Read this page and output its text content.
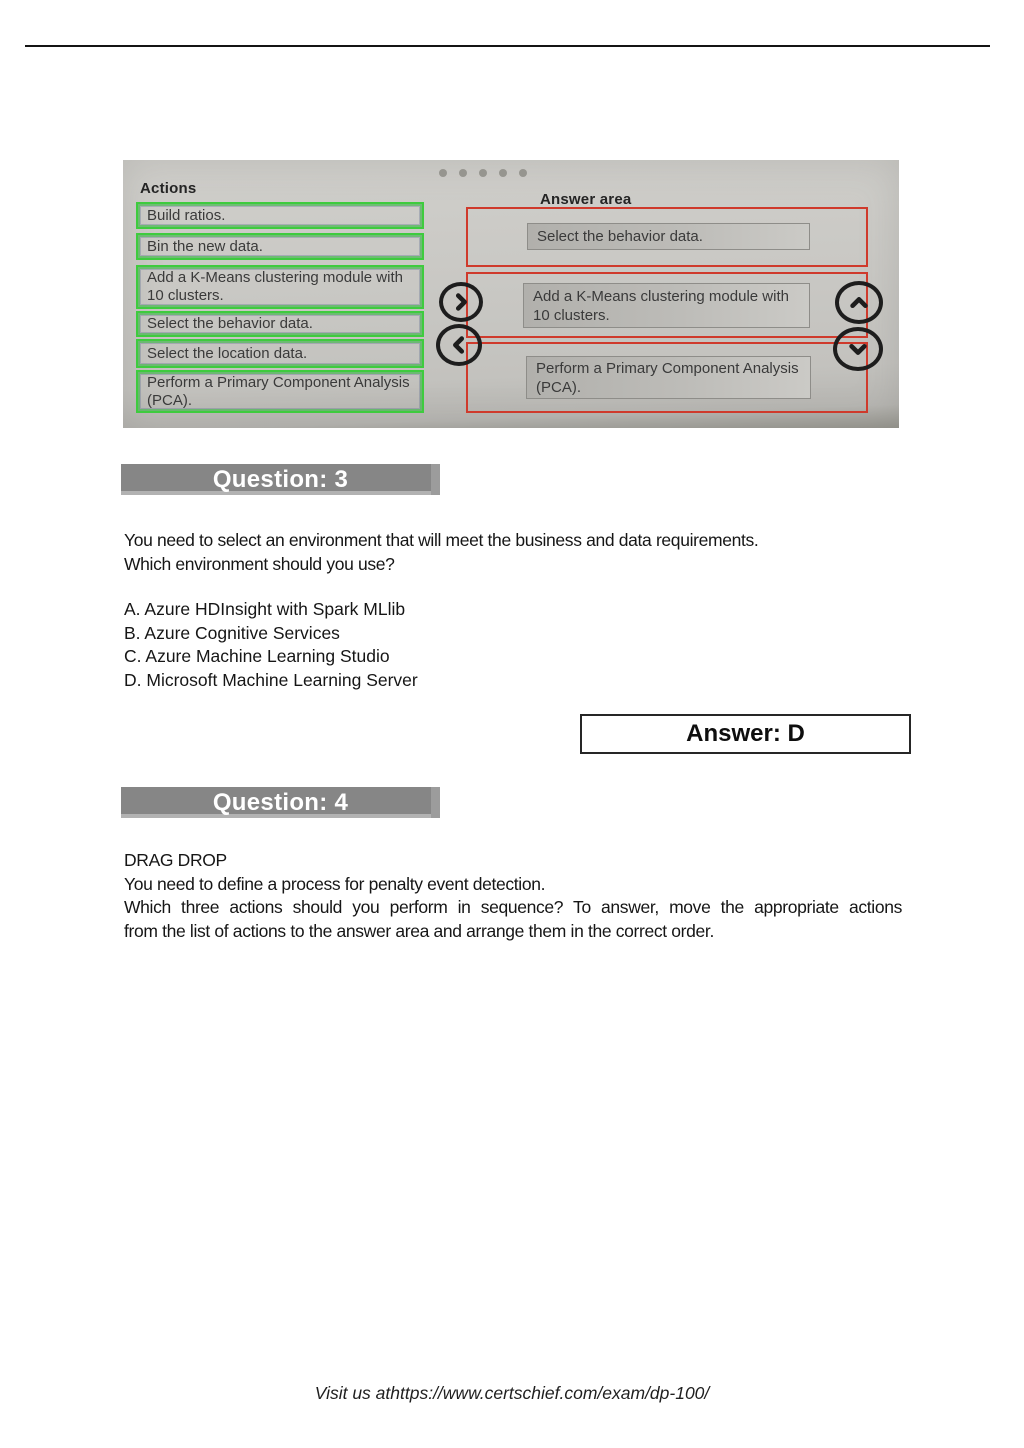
Actions
Answer area
Build ratios.
Bin the new data.
Add a K-Means clustering module with 10 clusters.
Select the behavior data.
Select the location data.
Perform a Primary Component Analysis (PCA).
Select the behavior data.
Add a K-Means clustering module with 10 clusters.
Perform a Primary Component Analysis (PCA).
Question: 3
You need to select an environment that will meet the business and data requirements.
Which environment should you use?
A. Azure HDInsight with Spark MLlib
B. Azure Cognitive Services
C. Azure Machine Learning Studio
D. Microsoft Machine Learning Server
Answer: D
Question: 4
DRAG DROP
You need to define a process for penalty event detection.
Which three actions should you perform in sequence? To answer, move the appropriate actions
from the list of actions to the answer area and arrange them in the correct order.
Visit us athttps://www.certschief.com/exam/dp-100/
